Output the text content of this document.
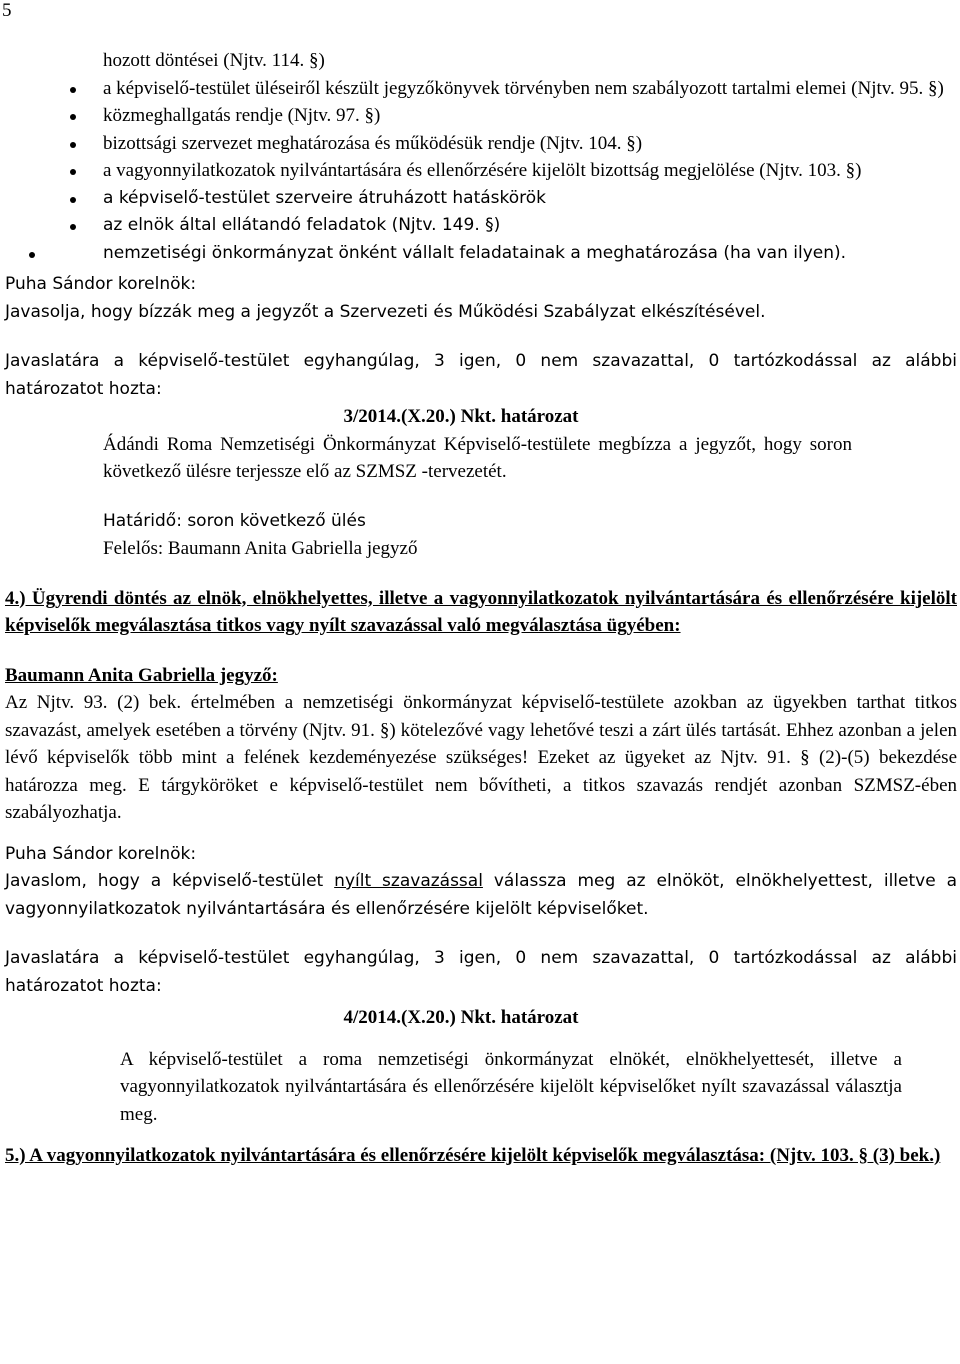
5
hozott döntései (Njtv. 114. §)
a képviselő-testület üléseiről készült jegyzőkönyvek törvényben nem szabályozott tartalmi elemei (Njtv. 95. §)
közmeghallgatás rendje (Njtv. 97. §)
bizottsági szervezet meghatározása és működésük rendje (Njtv. 104. §)
a vagyonnyilatkozatok nyilvántartására és ellenőrzésére kijelölt bizottság megjelölése (Njtv. 103. §)
a képviselő-testület szerveire átruházott hatáskörök
az elnök által ellátandó feladatok (Njtv. 149. §)
nemzetiségi önkormányzat önként vállalt feladatainak a meghatározása (ha van ilyen).
Puha Sándor korelnök:
Javasolja, hogy bízzák meg a jegyzőt a Szervezeti és Működési Szabályzat elkészítésével.
Javaslatára a képviselő-testület egyhangúlag, 3 igen, 0 nem szavazattal, 0 tartózkodással az alábbi
határozatot hozta:
3/2014.(X.20.) Nkt. határozat
Ádándi Roma Nemzetiségi Önkormányzat Képviselő-testülete megbízza a jegyzőt, hogy soron következő ülésre terjessze elő az SZMSZ -tervezetét.
Határidő: soron következő ülés
Felelős: Baumann Anita Gabriella jegyző
4.) Ügyrendi döntés az elnök, elnökhelyettes, illetve a vagyonnyilatkozatok nyilvántartására és ellenőrzésére kijelölt képviselők megválasztása titkos vagy nyílt szavazással való megválasztása ügyében:
Baumann Anita Gabriella jegyző:
Az Njtv. 93. (2) bek. értelmében a nemzetiségi önkormányzat képviselő-testülete azokban az ügyekben tarthat titkos szavazást, amelyek esetében a törvény (Njtv. 91. §) kötelezővé vagy lehetővé teszi a zárt ülés tartását. Ehhez azonban a jelen lévő képviselők több mint a felének kezdeményezése szükséges! Ezeket az ügyeket az Njtv. 91. § (2)-(5) bekezdése határozza meg. E tárgyköröket e képviselő-testület nem bővítheti, a titkos szavazás rendjét azonban SZMSZ-ében szabályozhatja.
Puha Sándor korelnök:
Javaslom, hogy a képviselő-testület nyílt szavazással válassza meg az elnököt, elnökhelyettest, illetve a vagyonnyilatkozatok nyilvántartására és ellenőrzésére kijelölt képviselőket.
Javaslatára a képviselő-testület egyhangúlag, 3 igen, 0 nem szavazattal, 0 tartózkodással az alábbi
határozatot hozta:
4/2014.(X.20.) Nkt. határozat
A képviselő-testület a roma nemzetiségi önkormányzat elnökét, elnökhelyettesét, illetve a vagyonnyilatkozatok nyilvántartására és ellenőrzésére kijelölt képviselőket nyílt szavazással választja meg.
5.) A vagyonnyilatkozatok nyilvántartására és ellenőrzésére kijelölt képviselők megválasztása: (Njtv. 103. § (3) bek.)
